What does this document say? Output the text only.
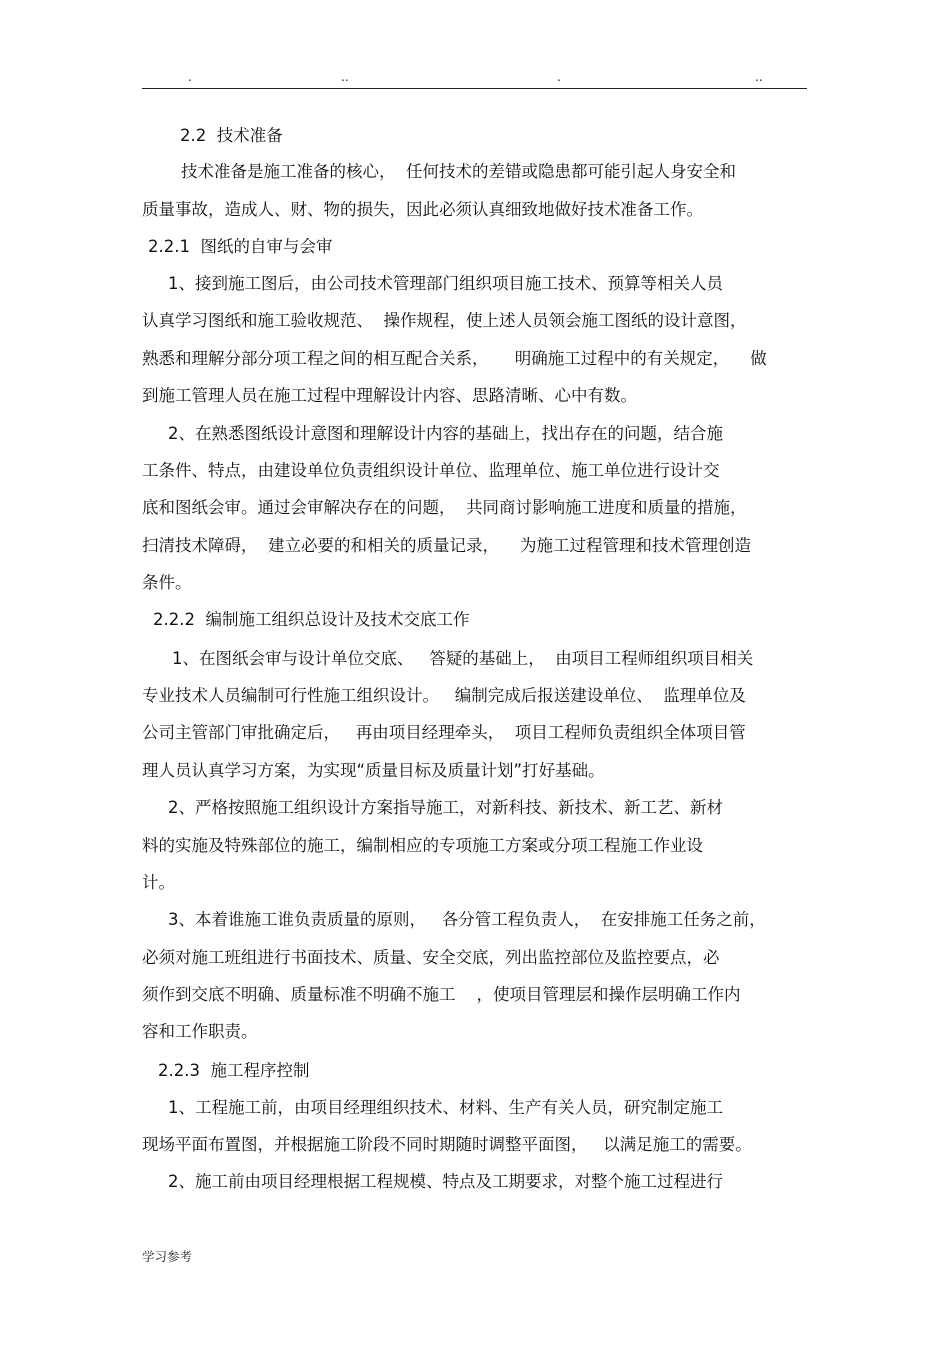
.	..	.	..
2.2  技术准备
技术准备是施工准备的核心，  任何技术的差错或隐患都可能引起人身安全和
质量事故，造成人、财、物的损失，因此必须认真细致地做好技术准备工作。
2.2.1  图纸的自审与会审
1、接到施工图后，由公司技术管理部门组织项目施工技术、预算等相关人员
认真学习图纸和施工验收规范、  操作规程，使上述人员领会施工图纸的设计意图，
熟悉和理解分部分项工程之间的相互配合关系，     明确施工过程中的有关规定，    做
到施工管理人员在施工过程中理解设计内容、思路清晰、心中有数。
2、在熟悉图纸设计意图和理解设计内容的基础上，找出存在的问题，结合施
工条件、特点，由建设单位负责组织设计单位、监理单位、施工单位进行设计交
底和图纸会审。通过会审解决存在的问题，  共同商讨影响施工进度和质量的措施，
扫清技术障碍，  建立必要的和相关的质量记录，    为施工过程管理和技术管理创造
条件。
2.2.2  编制施工组织总设计及技术交底工作
1、在图纸会审与设计单位交底、   答疑的基础上，  由项目工程师组织项目相关
专业技术人员编制可行性施工组织设计。   编制完成后报送建设单位、  监理单位及
公司主管部门审批确定后，   再由项目经理牵头，  项目工程师负责组织全体项目管
理人员认真学习方案，为实现“质量目标及质量计划”打好基础。
2、严格按照施工组织设计方案指导施工，对新科技、新技术、新工艺、新材
料的实施及特殊部位的施工，编制相应的专项施工方案或分项工程施工作业设
计。
3、本着谁施工谁负责质量的原则，   各分管工程负责人，  在安排施工任务之前，
必须对施工班组进行书面技术、质量、安全交底，列出监控部位及监控要点，必
须作到交底不明确、质量标准不明确不施工    ，使项目管理层和操作层明确工作内
容和工作职责。
2.2.3  施工程序控制
1、工程施工前，由项目经理组织技术、材料、生产有关人员，研究制定施工
现场平面布置图，并根据施工阶段不同时期随时调整平面图，   以满足施工的需要。
2、施工前由项目经理根据工程规模、特点及工期要求，对整个施工过程进行
学习参考
